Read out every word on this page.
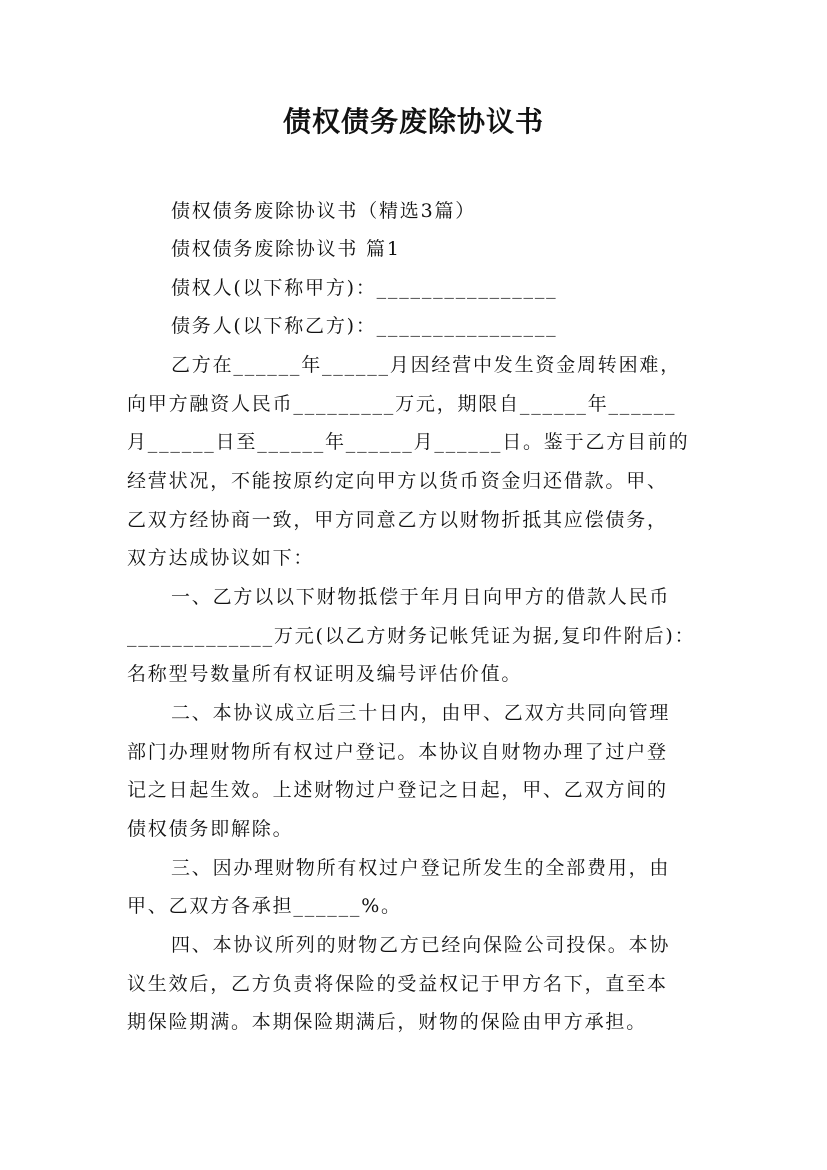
债权债务废除协议书
债权债务废除协议书（精选3篇）
债权债务废除协议书 篇1
债权人(以下称甲方)：________________
债务人(以下称乙方)：________________
乙方在______年______月因经营中发生资金周转困难，
向甲方融资人民币_________万元，期限自______年______
月______日至______年______月______日。鉴于乙方目前的
经营状况，不能按原约定向甲方以货币资金归还借款。甲、
乙双方经协商一致，甲方同意乙方以财物折抵其应偿债务，
双方达成协议如下：
一、乙方以以下财物抵偿于年月日向甲方的借款人民币
_____________万元(以乙方财务记帐凭证为据,复印件附后)：
名称型号数量所有权证明及编号评估价值。
二、本协议成立后三十日内，由甲、乙双方共同向管理
部门办理财物所有权过户登记。本协议自财物办理了过户登
记之日起生效。上述财物过户登记之日起，甲、乙双方间的
债权债务即解除。
三、因办理财物所有权过户登记所发生的全部费用，由
甲、乙双方各承担______%。
四、本协议所列的财物乙方已经向保险公司投保。本协
议生效后，乙方负责将保险的受益权记于甲方名下，直至本
期保险期满。本期保险期满后，财物的保险由甲方承担。
